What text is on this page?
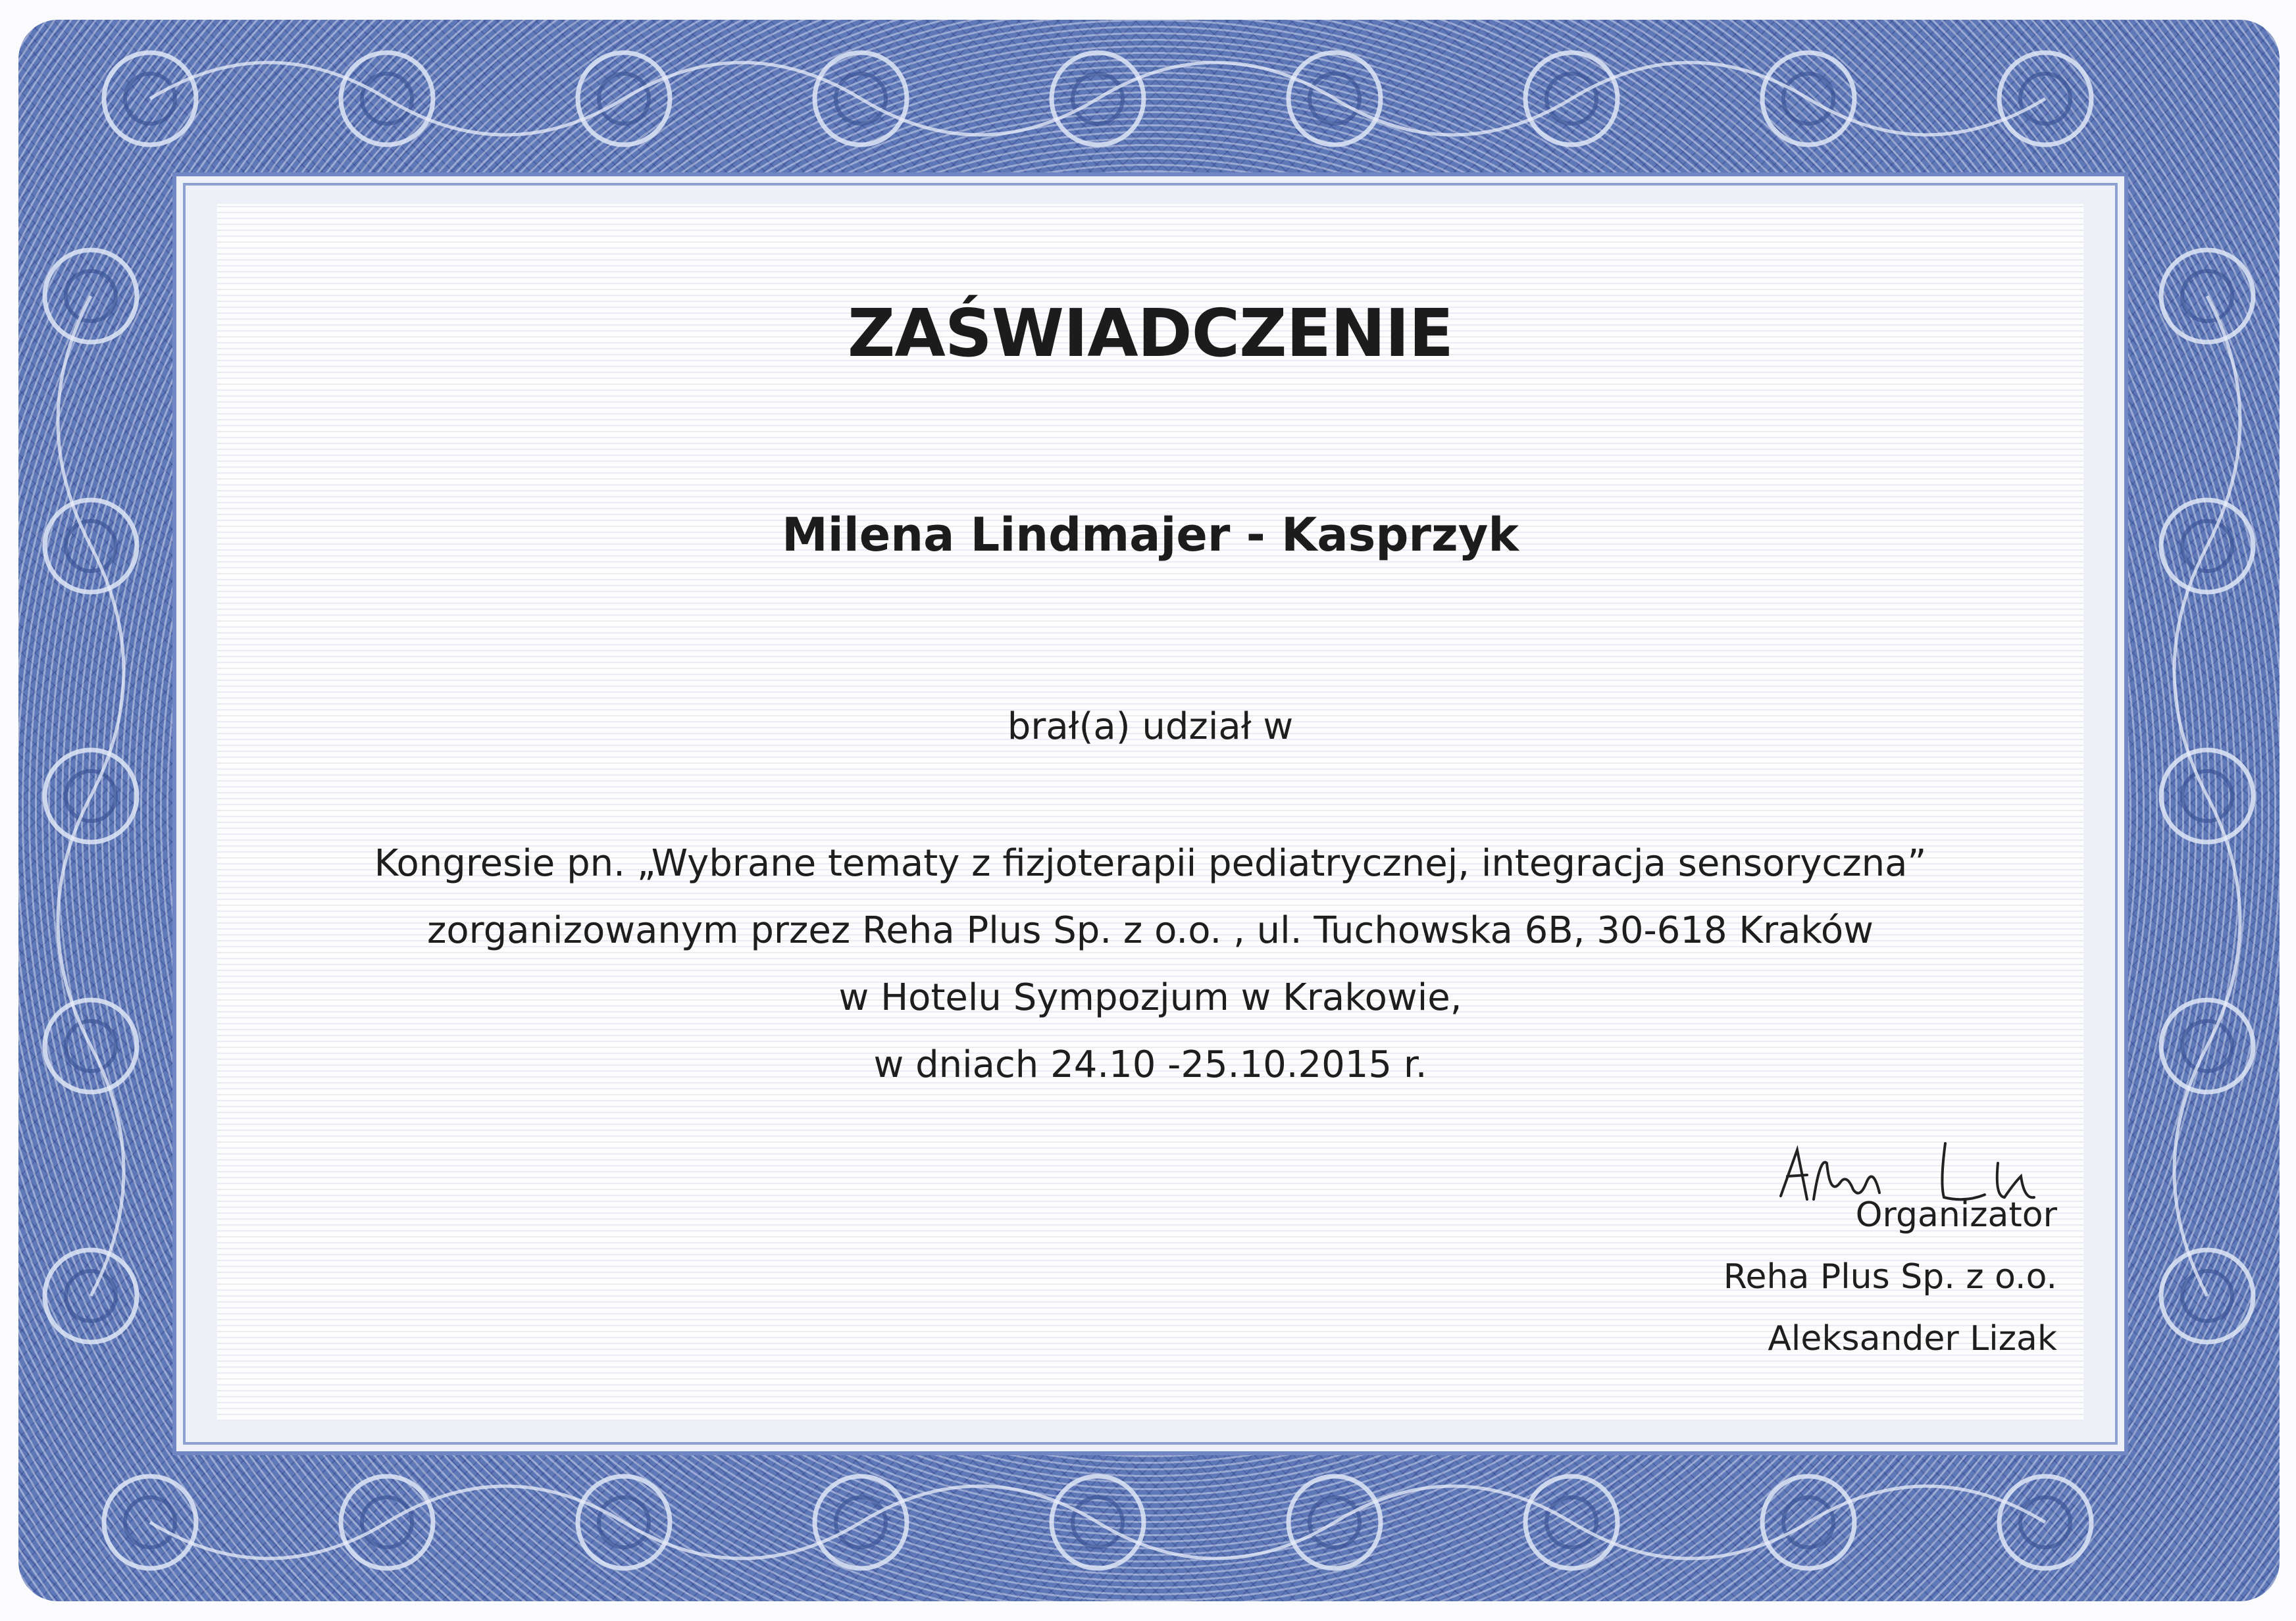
ZAŚWIADCZENIE
Milena Lindmajer - Kasprzyk
brał(a) udział w
Kongresie pn. „Wybrane tematy z fizjoterapii pediatrycznej, integracja sensoryczna”
zorganizowanym przez Reha Plus Sp. z o.o. , ul. Tuchowska 6B, 30-618 Kraków
w Hotelu Sympozjum w Krakowie,
w dniach 24.10 -25.10.2015 r.
Organizator
Reha Plus Sp. z o.o.
Aleksander Lizak
